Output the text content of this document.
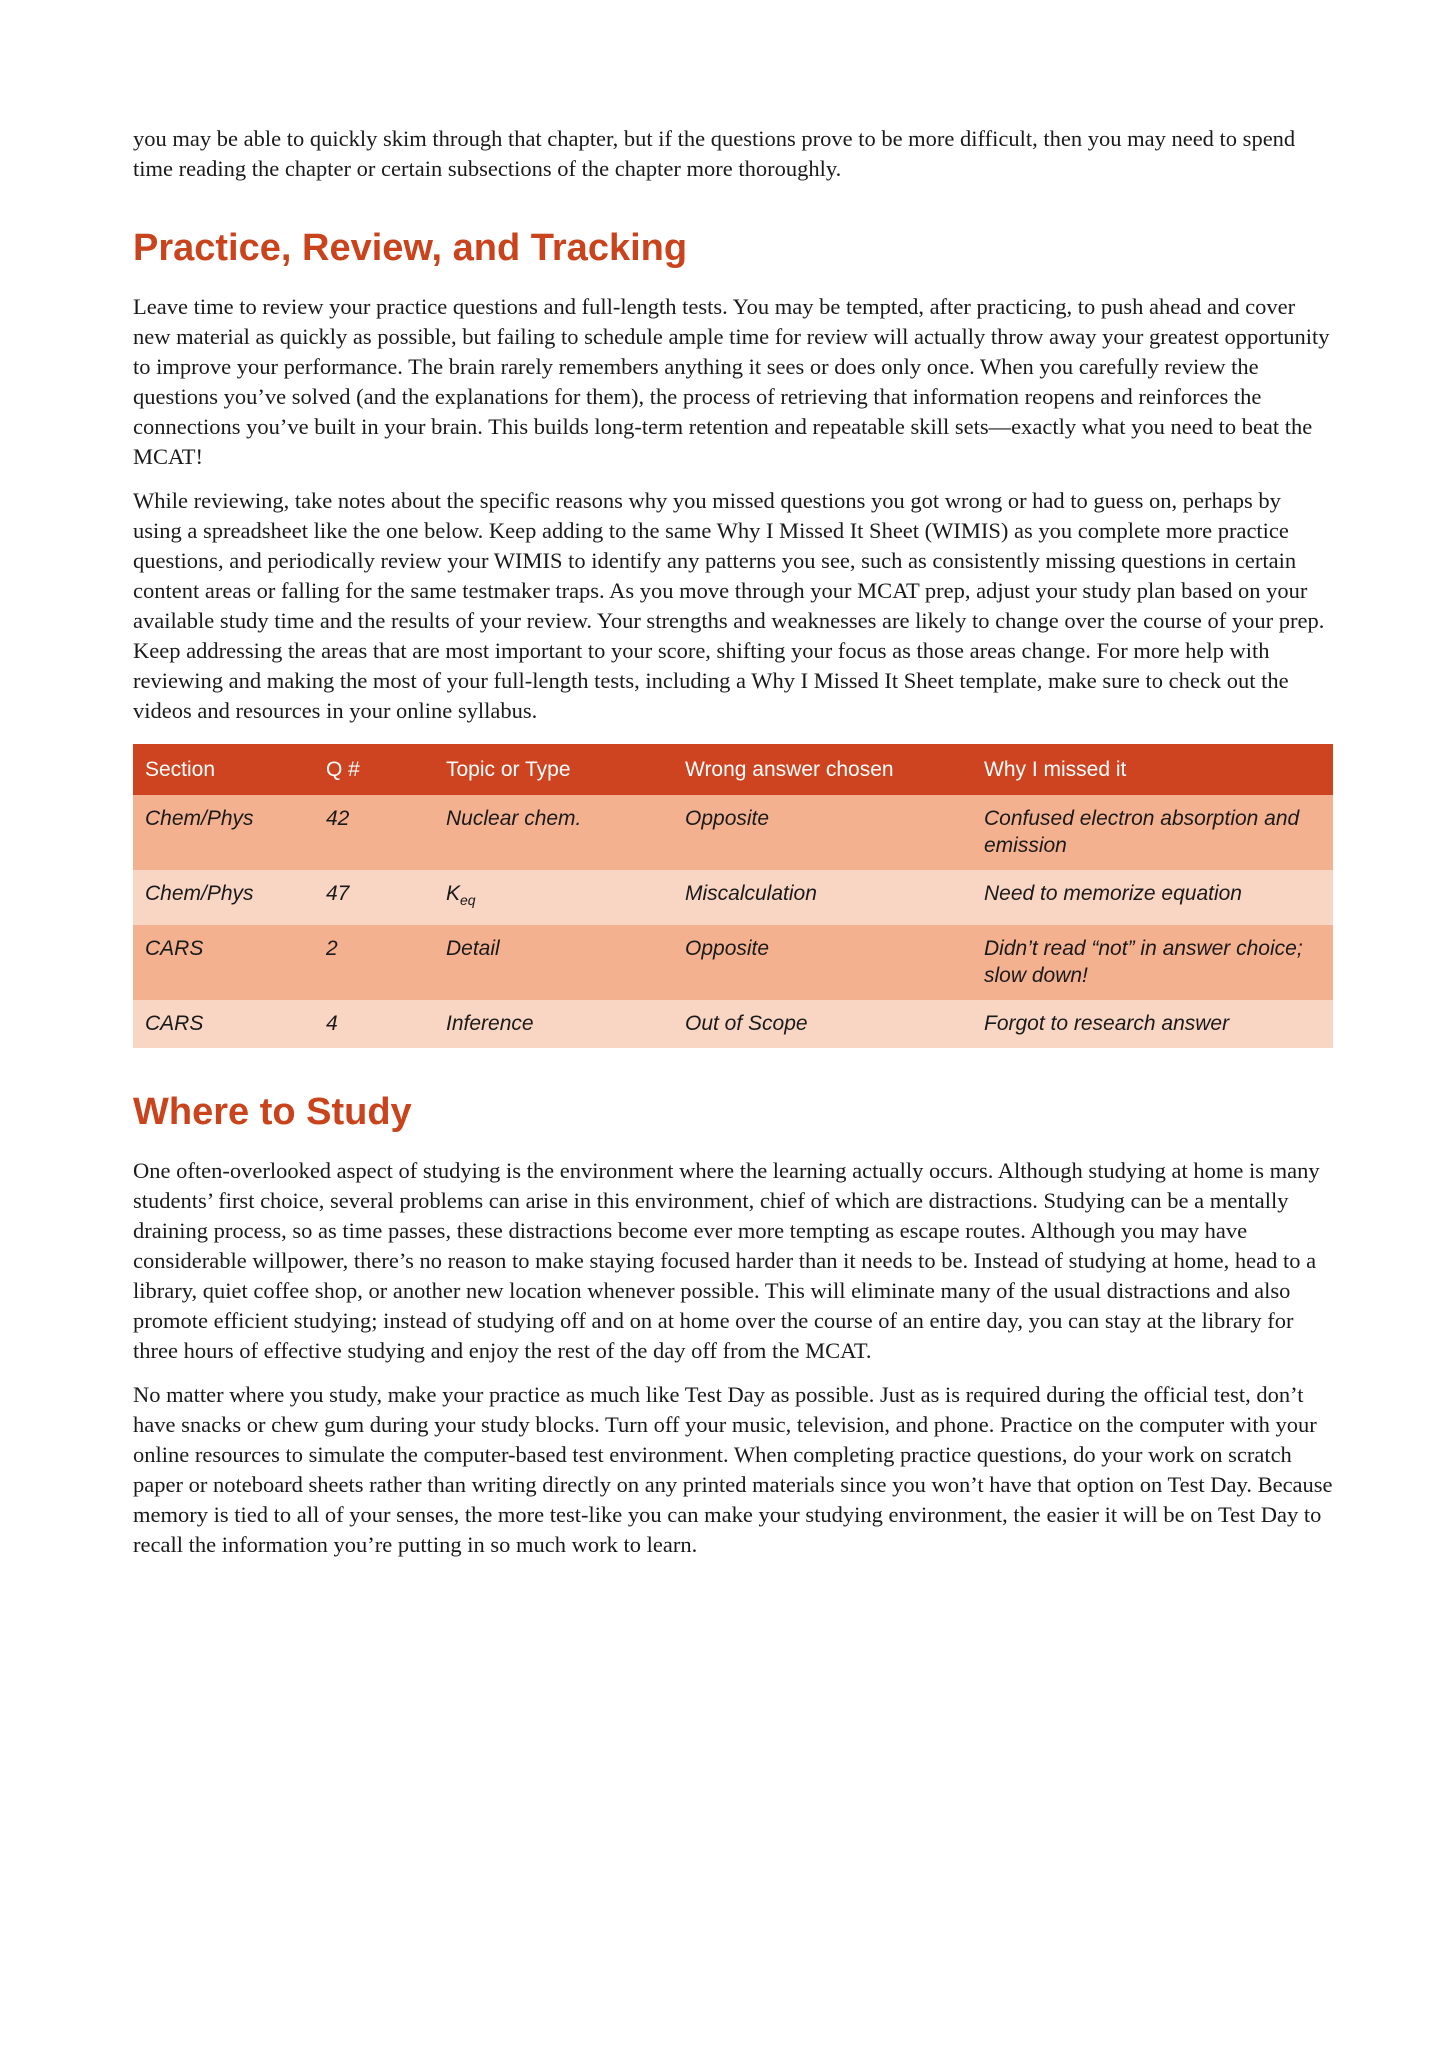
you may be able to quickly skim through that chapter, but if the questions prove to be more difficult, then you may need to spend time reading the chapter or certain subsections of the chapter more thoroughly.

Practice, Review, and Tracking

Leave time to review your practice questions and full-length tests. You may be tempted, after practicing, to push ahead and cover new material as quickly as possible, but failing to schedule ample time for review will actually throw away your greatest opportunity to improve your performance. The brain rarely remembers anything it sees or does only once. When you carefully review the questions you’ve solved (and the explanations for them), the process of retrieving that information reopens and reinforces the connections you’ve built in your brain. This builds long-term retention and repeatable skill sets—exactly what you need to beat the MCAT!

While reviewing, take notes about the specific reasons why you missed questions you got wrong or had to guess on, perhaps by using a spreadsheet like the one below. Keep adding to the same Why I Missed It Sheet (WIMIS) as you complete more practice questions, and periodically review your WIMIS to identify any patterns you see, such as consistently missing questions in certain content areas or falling for the same testmaker traps. As you move through your MCAT prep, adjust your study plan based on your available study time and the results of your review. Your strengths and weaknesses are likely to change over the course of your prep. Keep addressing the areas that are most important to your score, shifting your focus as those areas change. For more help with reviewing and making the most of your full-length tests, including a Why I Missed It Sheet template, make sure to check out the videos and resources in your online syllabus.

Section	Q #	Topic or Type	Wrong answer chosen	Why I missed it
Chem/Phys	42	Nuclear chem.	Opposite	Confused electron absorption and emission
Chem/Phys	47	$K_{eq}$	Miscalculation	Need to memorize equation
CARS	2	Detail	Opposite	Didn’t read “not” in answer choice; slow down!
CARS	4	Inference	Out of Scope	Forgot to research answer
Where to Study

One often-overlooked aspect of studying is the environment where the learning actually occurs. Although studying at home is many students’ first choice, several problems can arise in this environment, chief of which are distractions. Studying can be a mentally draining process, so as time passes, these distractions become ever more tempting as escape routes. Although you may have considerable willpower, there’s no reason to make staying focused harder than it needs to be. Instead of studying at home, head to a library, quiet coffee shop, or another new location whenever possible. This will eliminate many of the usual distractions and also promote efficient studying; instead of studying off and on at home over the course of an entire day, you can stay at the library for three hours of effective studying and enjoy the rest of the day off from the MCAT.

No matter where you study, make your practice as much like Test Day as possible. Just as is required during the official test, don’t have snacks or chew gum during your study blocks. Turn off your music, television, and phone. Practice on the computer with your online resources to simulate the computer-based test environment. When completing practice questions, do your work on scratch paper or noteboard sheets rather than writing directly on any printed materials since you won’t have that option on Test Day. Because memory is tied to all of your senses, the more test-like you can make your studying environment, the easier it will be on Test Day to recall the information you’re putting in so much work to learn.
